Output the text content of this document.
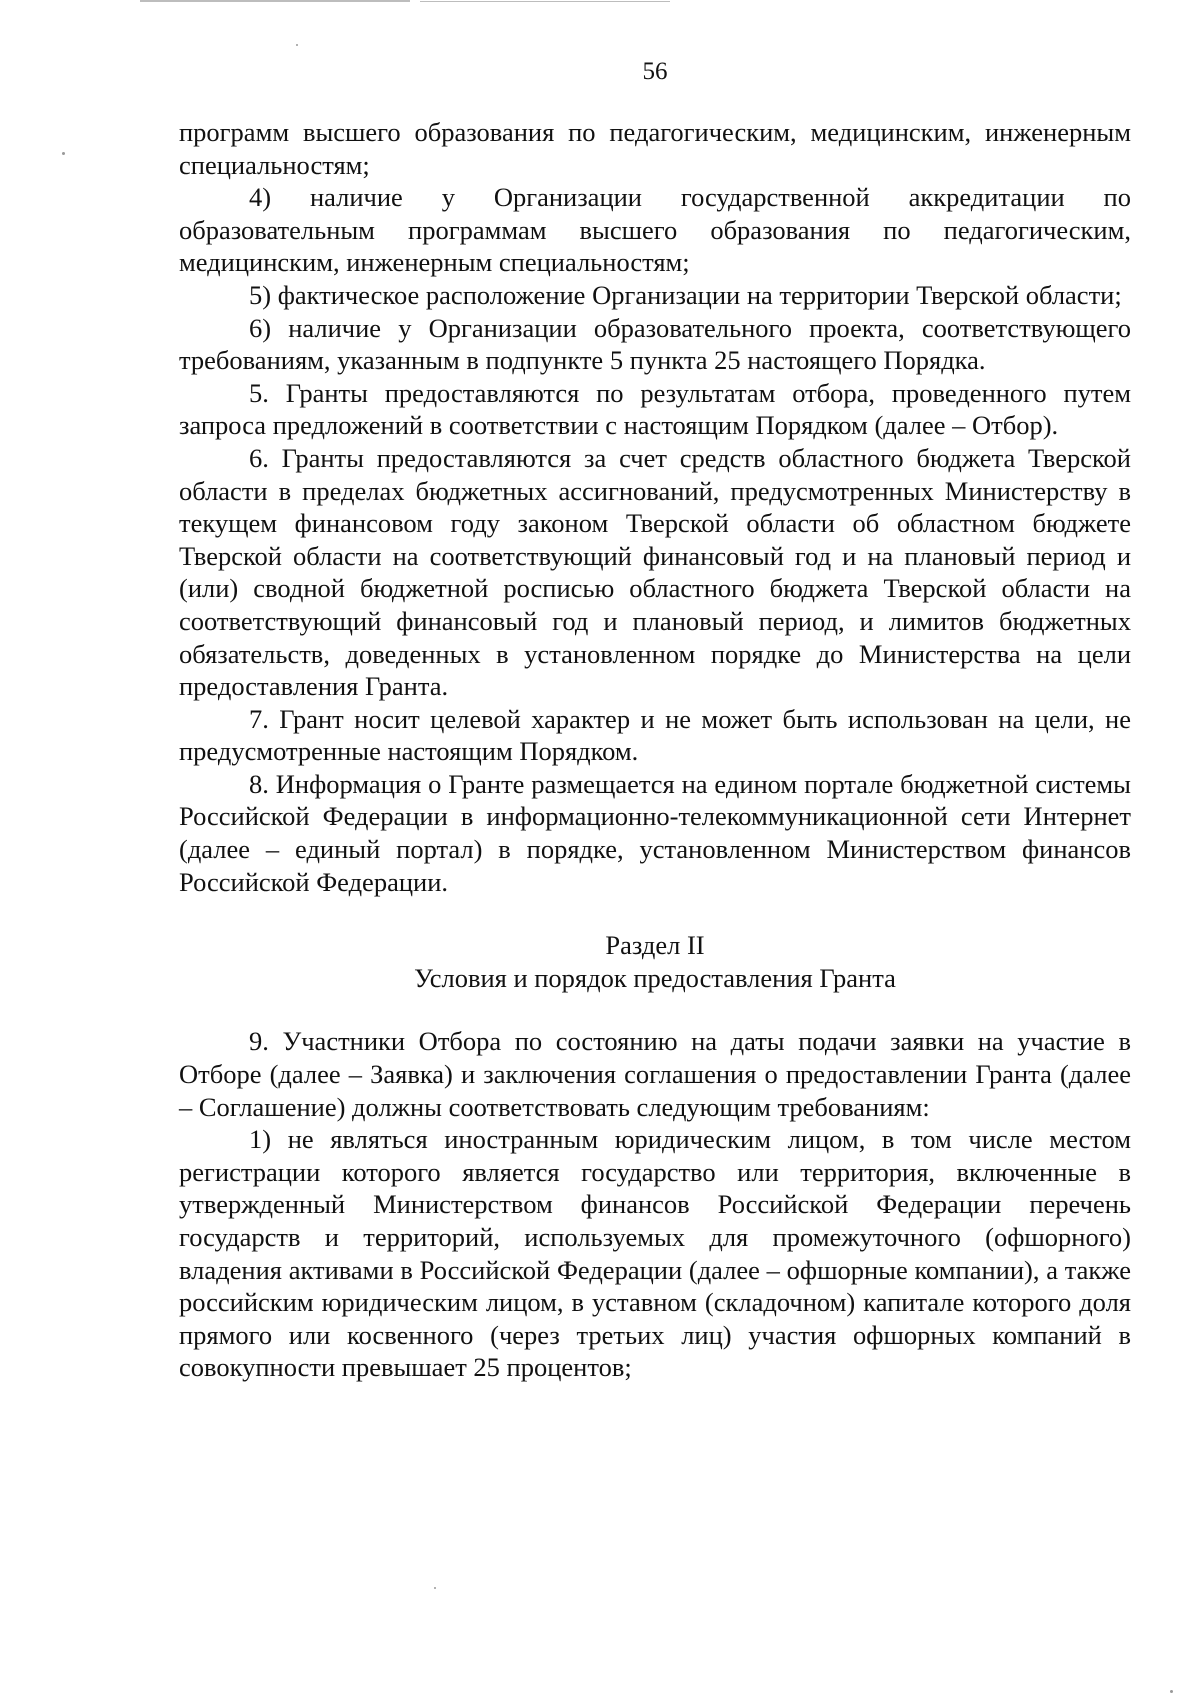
56

программ высшего образования по педагогическим, медицинским, инженерным специальностям;

4) наличие у Организации государственной аккредитации по образовательным программам высшего образования по педагогическим, медицинским, инженерным специальностям;

5) фактическое расположение Организации на территории Тверской области;

6) наличие у Организации образовательного проекта, соответствующего требованиям, указанным в подпункте 5 пункта 25 настоящего Порядка.

5. Гранты предоставляются по результатам отбора, проведенного путем запроса предложений в соответствии с настоящим Порядком (далее – Отбор).

6. Гранты предоставляются за счет средств областного бюджета Тверской области в пределах бюджетных ассигнований, предусмотренных Министерству в текущем финансовом году законом Тверской области об областном бюджете Тверской области на соответствующий финансовый год и на плановый период и (или) сводной бюджетной росписью областного бюджета Тверской области на соответствующий финансовый год и плановый период, и лимитов бюджетных обязательств, доведенных в установленном порядке до Министерства на цели предоставления Гранта.

7. Грант носит целевой характер и не может быть использован на цели, не предусмотренные настоящим Порядком.

8. Информация о Гранте размещается на едином портале бюджетной системы Российской Федерации в информационно-телекоммуникационной сети Интернет (далее – единый портал) в порядке, установленном Министерством финансов Российской Федерации.

Раздел II

Условия и порядок предоставления Гранта

9. Участники Отбора по состоянию на даты подачи заявки на участие в Отборе (далее – Заявка) и заключения соглашения о предоставлении Гранта (далее – Соглашение) должны соответствовать следующим требованиям:

1) не являться иностранным юридическим лицом, в том числе местом регистрации которого является государство или территория, включенные в утвержденный Министерством финансов Российской Федерации перечень государств и территорий, используемых для промежуточного (офшорного) владения активами в Российской Федерации (далее – офшорные компании), а также российским юридическим лицом, в уставном (складочном) капитале которого доля прямого или косвенного (через третьих лиц) участия офшорных компаний в совокупности превышает 25 процентов;
